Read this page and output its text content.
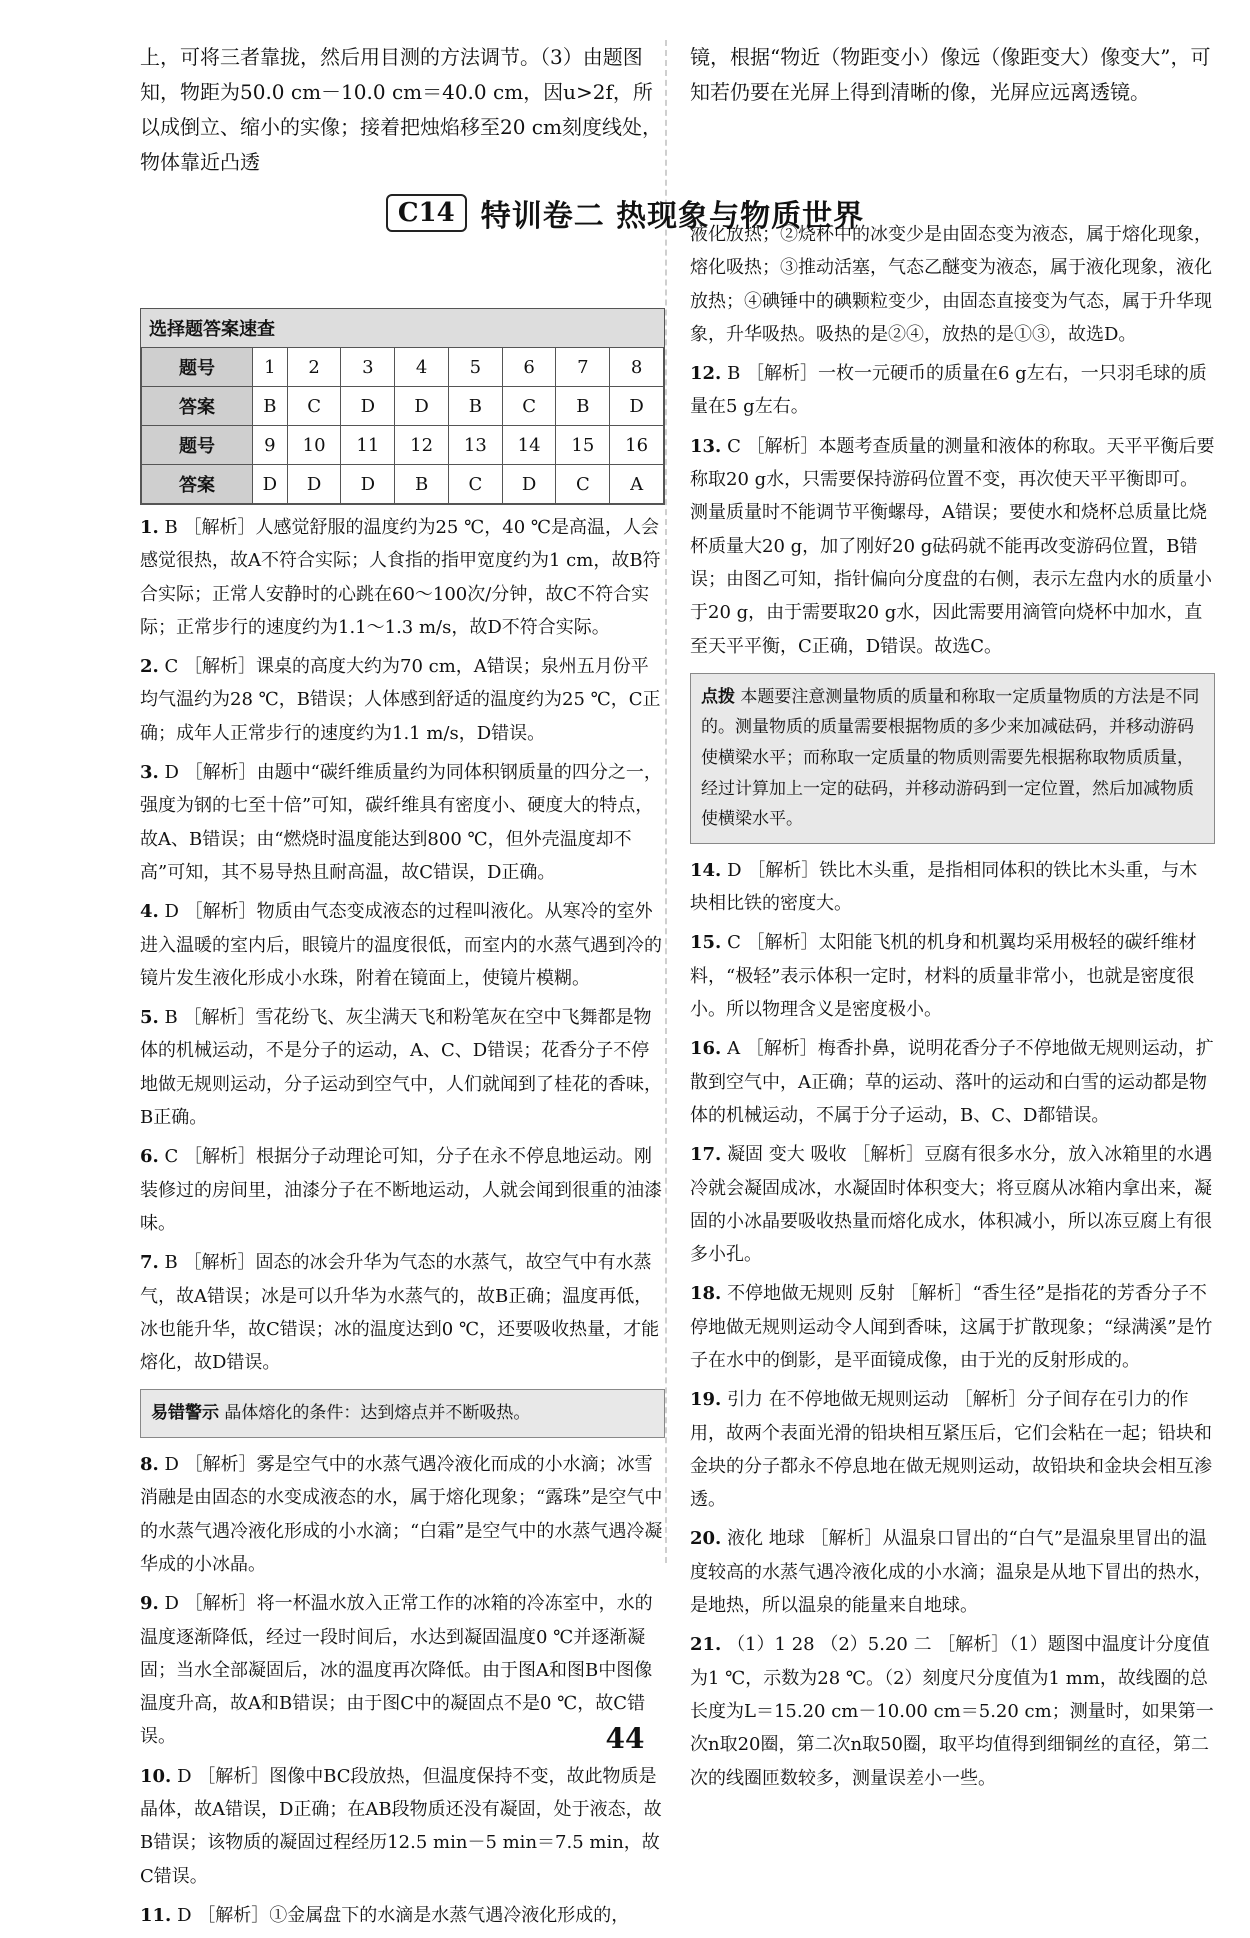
上，可将三者靠拢，然后用目测的方法调节。（3）由题图知，物距为50.0 cm－10.0 cm＝40.0 cm，因u>2f，所以成倒立、缩小的实像；接着把烛焰移至20 cm刻度线处，物体靠近凸透
选择题答案速查
题号	1	2	3	4	5	6	7	8
答案	B	C	D	D	B	C	B	D
题号	9	10	11	12	13	14	15	16
答案	D	D	D	B	C	D	C	A
1. B ［解析］人感觉舒服的温度约为25 ℃，40 ℃是高温，人会感觉很热，故A不符合实际；人食指的指甲宽度约为1 cm，故B符合实际；正常人安静时的心跳在60～100次/分钟，故C不符合实际；正常步行的速度约为1.1～1.3 m/s，故D不符合实际。
2. C ［解析］课桌的高度大约为70 cm，A错误；泉州五月份平均气温约为28 ℃，B错误；人体感到舒适的温度约为25 ℃，C正确；成年人正常步行的速度约为1.1 m/s，D错误。
3. D ［解析］由题中“碳纤维质量约为同体积钢质量的四分之一，强度为钢的七至十倍”可知，碳纤维具有密度小、硬度大的特点，故A、B错误；由“燃烧时温度能达到800 ℃，但外壳温度却不高”可知，其不易导热且耐高温，故C错误，D正确。
4. D ［解析］物质由气态变成液态的过程叫液化。从寒冷的室外进入温暖的室内后，眼镜片的温度很低，而室内的水蒸气遇到冷的镜片发生液化形成小水珠，附着在镜面上，使镜片模糊。
5. B ［解析］雪花纷飞、灰尘满天飞和粉笔灰在空中飞舞都是物体的机械运动，不是分子的运动，A、C、D错误；花香分子不停地做无规则运动，分子运动到空气中，人们就闻到了桂花的香味，B正确。
6. C ［解析］根据分子动理论可知，分子在永不停息地运动。刚装修过的房间里，油漆分子在不断地运动，人就会闻到很重的油漆味。
7. B ［解析］固态的冰会升华为气态的水蒸气，故空气中有水蒸气，故A错误；冰是可以升华为水蒸气的，故B正确；温度再低，冰也能升华，故C错误；冰的温度达到0 ℃，还要吸收热量，才能熔化，故D错误。
易错警示 晶体熔化的条件：达到熔点并不断吸热。
8. D ［解析］雾是空气中的水蒸气遇冷液化而成的小水滴；冰雪消融是由固态的水变成液态的水，属于熔化现象；“露珠”是空气中的水蒸气遇冷液化形成的小水滴；“白霜”是空气中的水蒸气遇冷凝华成的小冰晶。
9. D ［解析］将一杯温水放入正常工作的冰箱的冷冻室中，水的温度逐渐降低，经过一段时间后，水达到凝固温度0 ℃并逐渐凝固；当水全部凝固后，冰的温度再次降低。由于图A和图B中图像温度升高，故A和B错误；由于图C中的凝固点不是0 ℃，故C错误。
10. D ［解析］图像中BC段放热，但温度保持不变，故此物质是晶体，故A错误，D正确；在AB段物质还没有凝固，处于液态，故B错误；该物质的凝固过程经历12.5 min－5 min＝7.5 min，故C错误。
11. D ［解析］①金属盘下的水滴是水蒸气遇冷液化形成的，
镜，根据“物近（物距变小）像远（像距变大）像变大”，可知若仍要在光屏上得到清晰的像，光屏应远离透镜。
液化放热；②烧杯中的冰变少是由固态变为液态，属于熔化现象，熔化吸热；③推动活塞，气态乙醚变为液态，属于液化现象，液化放热；④碘锤中的碘颗粒变少，由固态直接变为气态，属于升华现象，升华吸热。吸热的是②④，放热的是①③，故选D。
12. B ［解析］一枚一元硬币的质量在6 g左右，一只羽毛球的质量在5 g左右。
13. C ［解析］本题考查质量的测量和液体的称取。天平平衡后要称取20 g水，只需要保持游码位置不变，再次使天平平衡即可。测量质量时不能调节平衡螺母，A错误；要使水和烧杯总质量比烧杯质量大20 g，加了刚好20 g砝码就不能再改变游码位置，B错误；由图乙可知，指针偏向分度盘的右侧，表示左盘内水的质量小于20 g，由于需要取20 g水，因此需要用滴管向烧杯中加水，直至天平平衡，C正确，D错误。故选C。
点拨 本题要注意测量物质的质量和称取一定质量物质的方法是不同的。测量物质的质量需要根据物质的多少来加减砝码，并移动游码使横梁水平；而称取一定质量的物质则需要先根据称取物质质量，经过计算加上一定的砝码，并移动游码到一定位置，然后加减物质使横梁水平。
14. D ［解析］铁比木头重，是指相同体积的铁比木头重，与木块相比铁的密度大。
15. C ［解析］太阳能飞机的机身和机翼均采用极轻的碳纤维材料，“极轻”表示体积一定时，材料的质量非常小，也就是密度很小。所以物理含义是密度极小。
16. A ［解析］梅香扑鼻，说明花香分子不停地做无规则运动，扩散到空气中，A正确；草的运动、落叶的运动和白雪的运动都是物体的机械运动，不属于分子运动，B、C、D都错误。
17. 凝固 变大 吸收 ［解析］豆腐有很多水分，放入冰箱里的水遇冷就会凝固成冰，水凝固时体积变大；将豆腐从冰箱内拿出来，凝固的小冰晶要吸收热量而熔化成水，体积减小，所以冻豆腐上有很多小孔。
18. 不停地做无规则 反射 ［解析］“香生径”是指花的芳香分子不停地做无规则运动令人闻到香味，这属于扩散现象；“绿满溪”是竹子在水中的倒影，是平面镜成像，由于光的反射形成的。
19. 引力 在不停地做无规则运动 ［解析］分子间存在引力的作用，故两个表面光滑的铅块相互紧压后，它们会粘在一起；铅块和金块的分子都永不停息地在做无规则运动，故铅块和金块会相互渗透。
20. 液化 地球 ［解析］从温泉口冒出的“白气”是温泉里冒出的温度较高的水蒸气遇冷液化成的小水滴；温泉是从地下冒出的热水，是地热，所以温泉的能量来自地球。
21. （1）1 28 （2）5.20 二 ［解析］（1）题图中温度计分度值为1 ℃，示数为28 ℃。（2）刻度尺分度值为1 mm，故线圈的总长度为L＝15.20 cm－10.00 cm＝5.20 cm；测量时，如果第一次n取20圈，第二次n取50圈，取平均值得到细铜丝的直径，第二次的线圈匝数较多，测量误差小一些。
C14 特训卷二 热现象与物质世界
44
